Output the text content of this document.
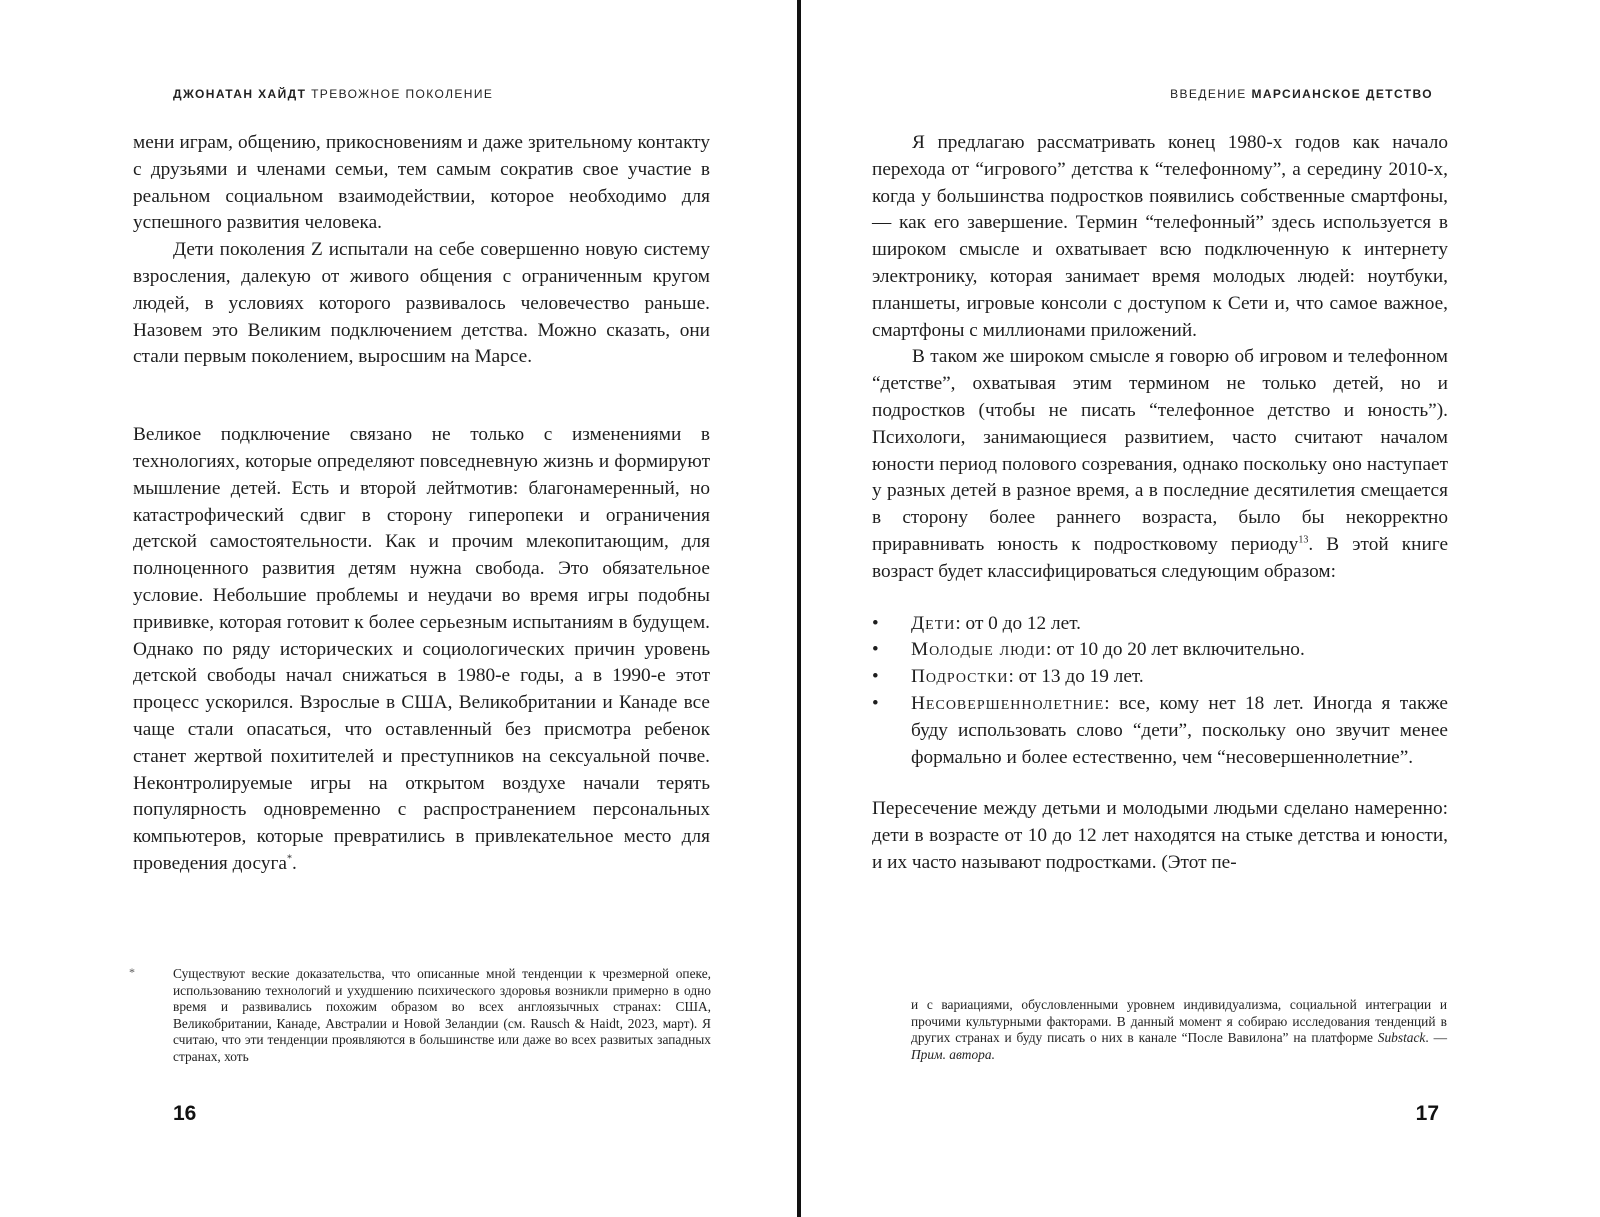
ДЖОНАТАН ХАЙДТ ТРЕВОЖНОЕ ПОКОЛЕНИЕ

мени играм, общению, прикосновениям и даже зрительному контакту с друзьями и членами семьи, тем самым сократив свое участие в реальном социальном взаимодействии, которое необходимо для успешного развития человека.

Дети поколения Z испытали на себе совершенно новую систему взросления, далекую от живого общения с ограниченным кругом людей, в условиях которого развивалось человечество раньше. Назовем это Великим подключением детства. Можно сказать, они стали первым поколением, выросшим на Марсе.

Великое подключение связано не только с изменениями в технологиях, которые определяют повседневную жизнь и формируют мышление детей. Есть и второй лейтмотив: благонамеренный, но катастрофический сдвиг в сторону гиперопеки и ограничения детской самостоятельности. Как и прочим млекопитающим, для полноценного развития детям нужна свобода. Это обязательное условие. Небольшие проблемы и неудачи во время игры подобны прививке, которая готовит к более серьезным испытаниям в будущем. Однако по ряду исторических и социологических причин уровень детской свободы начал снижаться в 1980-е годы, а в 1990-е этот процесс ускорился. Взрослые в США, Великобритании и Канаде все чаще стали опасаться, что оставленный без присмотра ребенок станет жертвой похитителей и преступников на сексуальной почве. Неконтролируемые игры на открытом воздухе начали терять популярность одновременно с распространением персональных компьютеров, которые превратились в привлекательное место для проведения досуга*.

*	Существуют веские доказательства, что описанные мной тенденции к чрезмерной опеке, использованию технологий и ухудшению психического здоровья возникли примерно в одно время и развивались похожим образом во всех англоязычных странах: США, Великобритании, Канаде, Австралии и Новой Зеландии (см. Rausch & Haidt, 2023, март). Я считаю, что эти тенденции проявляются в большинстве или даже во всех развитых западных странах, хоть
16
ВВЕДЕНИЕ МАРСИАНСКОЕ ДЕТСТВО

Я предлагаю рассматривать конец 1980-х годов как начало перехода от “игрового” детства к “телефонному”, а середину 2010-х, когда у большинства подростков появились собственные смартфоны, — как его завершение. Термин “телефонный” здесь используется в широком смысле и охватывает всю подключенную к интернету электронику, которая занимает время молодых людей: ноутбуки, планшеты, игровые консоли с доступом к Сети и, что самое важное, смартфоны с миллионами приложений.

В таком же широком смысле я говорю об игровом и телефонном “детстве”, охватывая этим термином не только детей, но и подростков (чтобы не писать “телефонное детство и юность”). Психологи, занимающиеся развитием, часто считают началом юности период полового созревания, однако поскольку оно наступает у разных детей в разное время, а в последние десятилетия смещается в сторону более раннего возраста, было бы некорректно приравнивать юность к подростковому периоду$^{13}$. В этой книге возраст будет классифицироваться следующим образом:

• Дети: от 0 до 12 лет.
• Молодые люди: от 10 до 20 лет включительно.
• Подростки: от 13 до 19 лет.
• Несовершеннолетние: все, кому нет 18 лет. Иногда я также буду использовать слово “дети”, поскольку оно звучит менее формально и более естественно, чем “несовершеннолетние”.

Пересечение между детьми и молодыми людьми сделано намеренно: дети в возрасте от 10 до 12 лет находятся на стыке детства и юности, и их часто называют подростками. (Этот пе-

и с вариациями, обусловленными уровнем индивидуализма, социальной интеграции и прочими культурными факторами. В данный момент я собираю исследования тенденций в других странах и буду писать о них в канале “После Вавилона” на платформе Substack. — Прим. автора.
17
